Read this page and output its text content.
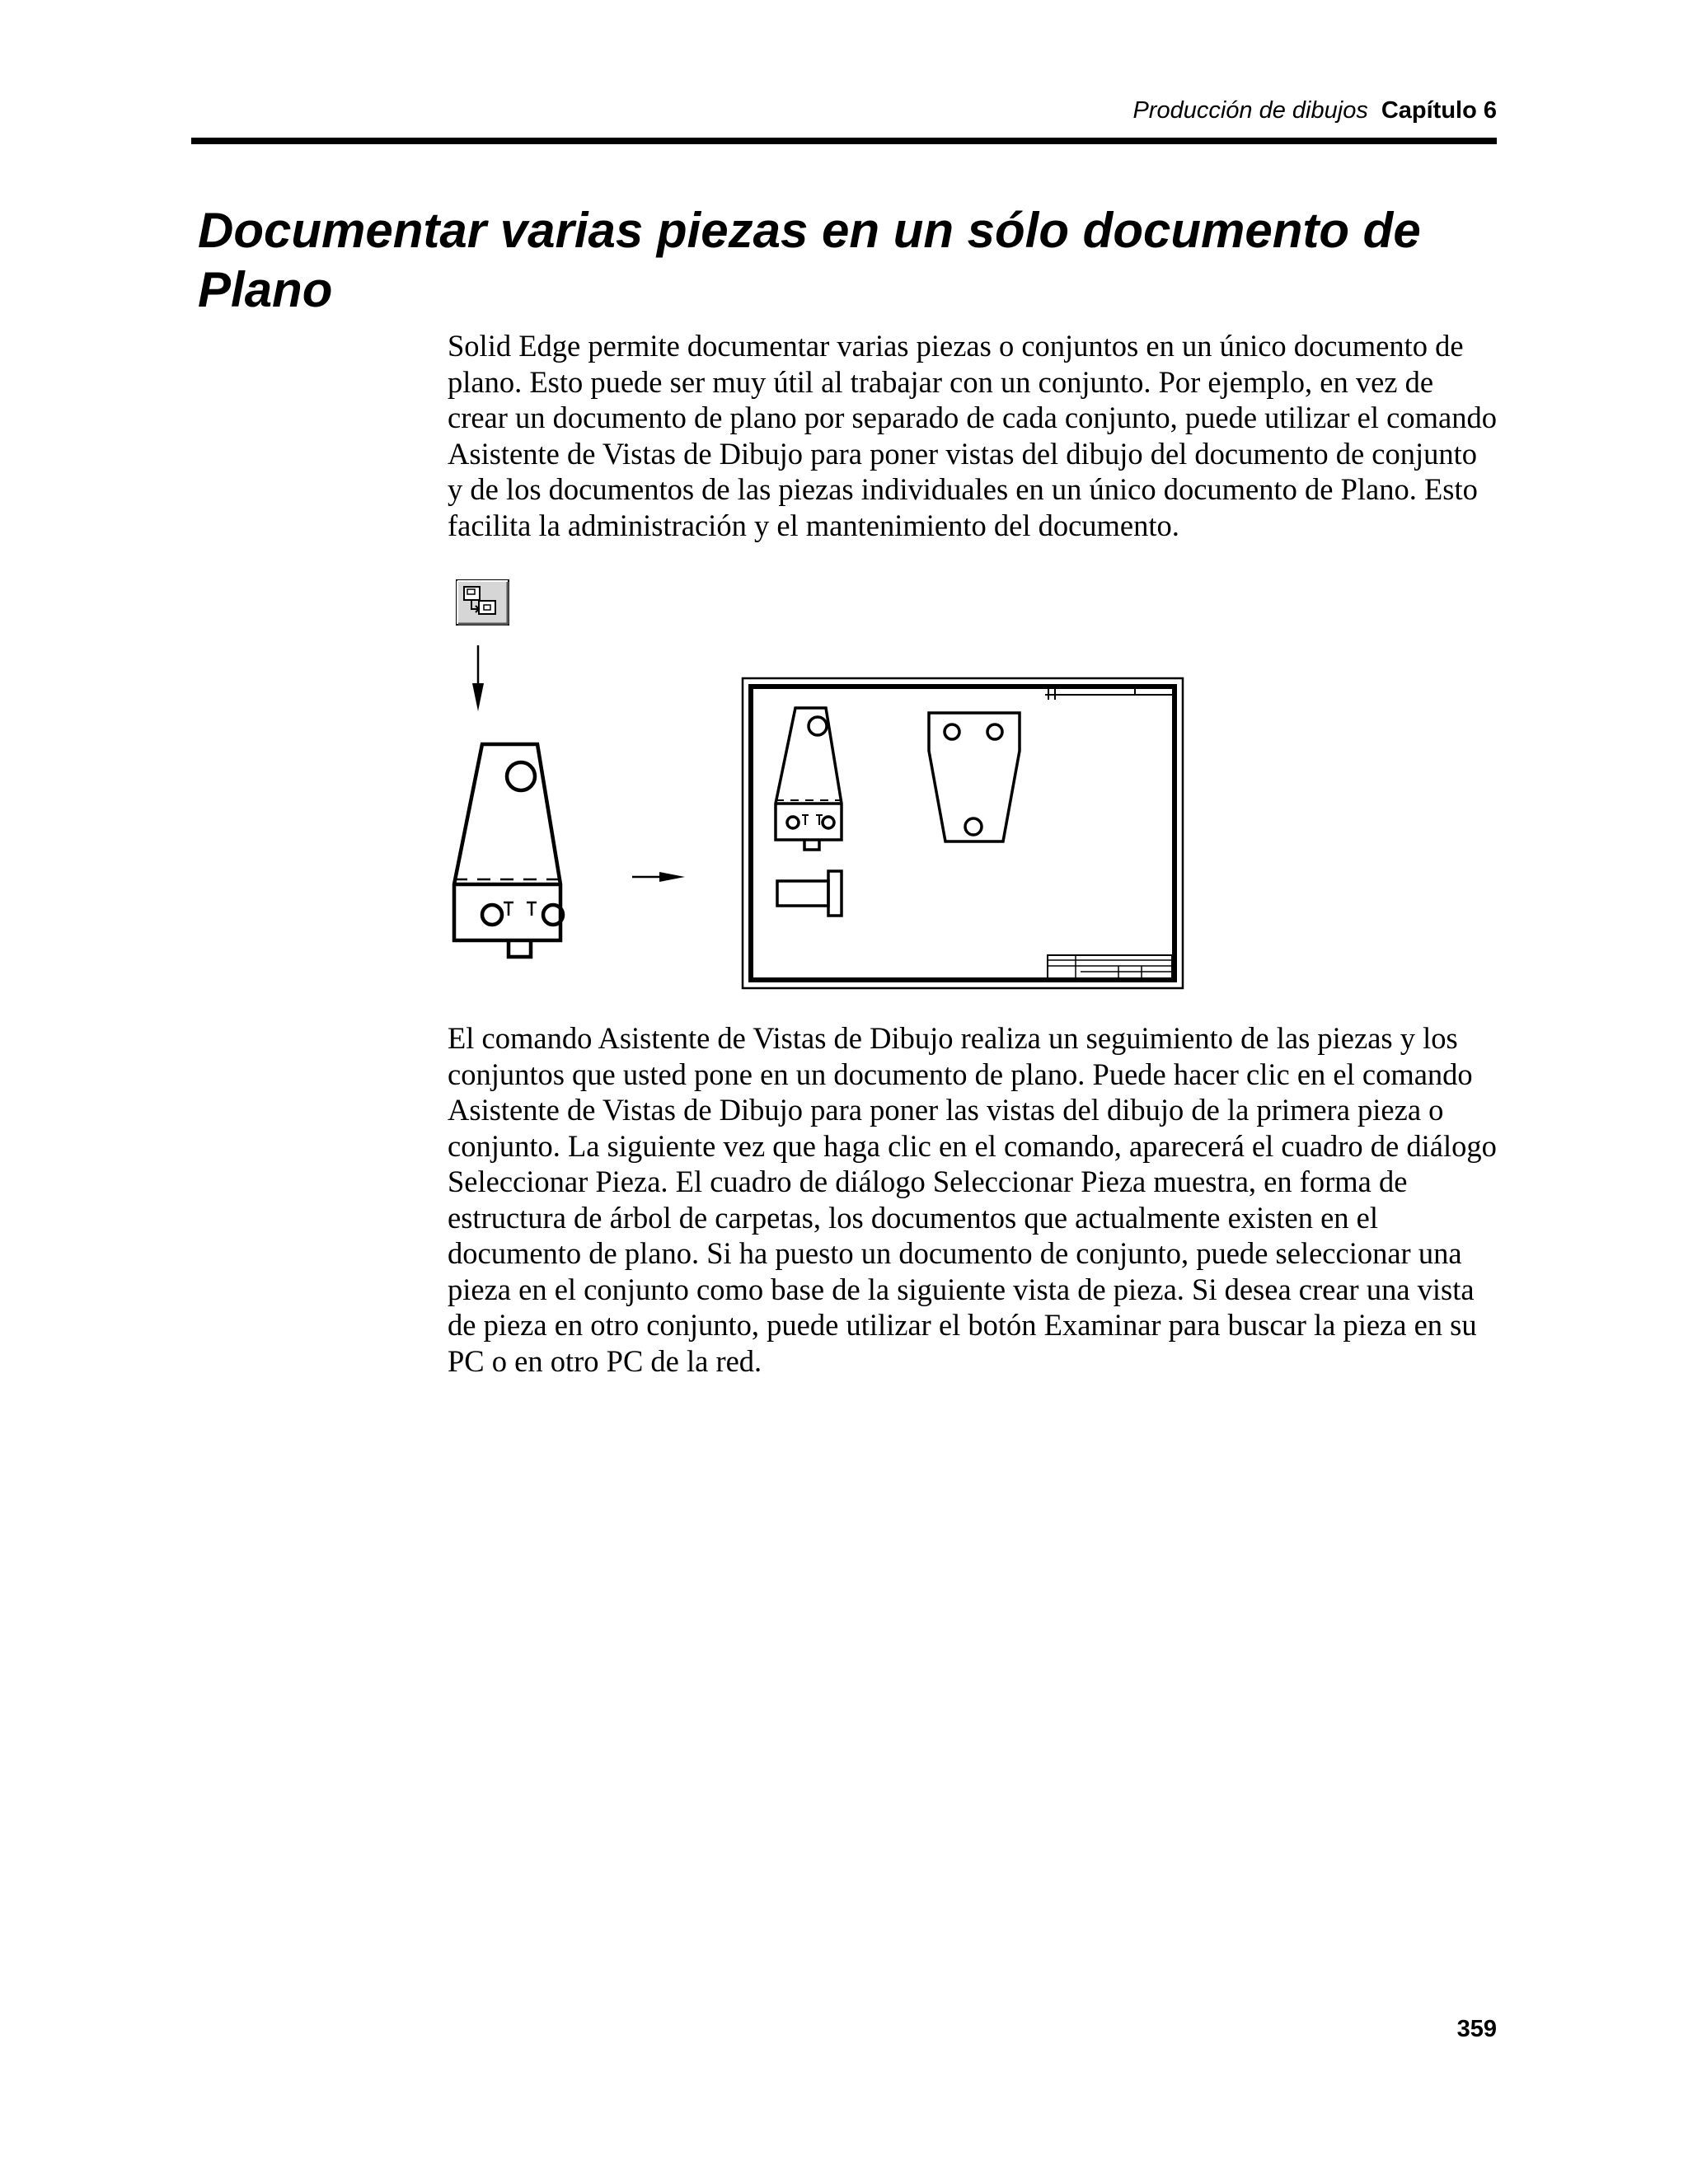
Producción de dibujos Capítulo 6
Documentar varias piezas en un sólo documento de Plano

Solid Edge permite documentar varias piezas o conjuntos en un único documento de plano. Esto puede ser muy útil al trabajar con un conjunto. Por ejemplo, en vez de crear un documento de plano por separado de cada conjunto, puede utilizar el comando Asistente de Vistas de Dibujo para poner vistas del dibujo del documento de conjunto y de los documentos de las piezas individuales en un único documento de Plano. Esto facilita la administración y el mantenimiento del documento.

El comando Asistente de Vistas de Dibujo realiza un seguimiento de las piezas y los conjuntos que usted pone en un documento de plano. Puede hacer clic en el comando Asistente de Vistas de Dibujo para poner las vistas del dibujo de la primera pieza o conjunto. La siguiente vez que haga clic en el comando, aparecerá el cuadro de diálogo Seleccionar Pieza. El cuadro de diálogo Seleccionar Pieza muestra, en forma de estructura de árbol de carpetas, los documentos que actualmente existen en el documento de plano. Si ha puesto un documento de conjunto, puede seleccionar una pieza en el conjunto como base de la siguiente vista de pieza. Si desea crear una vista de pieza en otro conjunto, puede utilizar el botón Examinar para buscar la pieza en su PC o en otro PC de la red.

359
